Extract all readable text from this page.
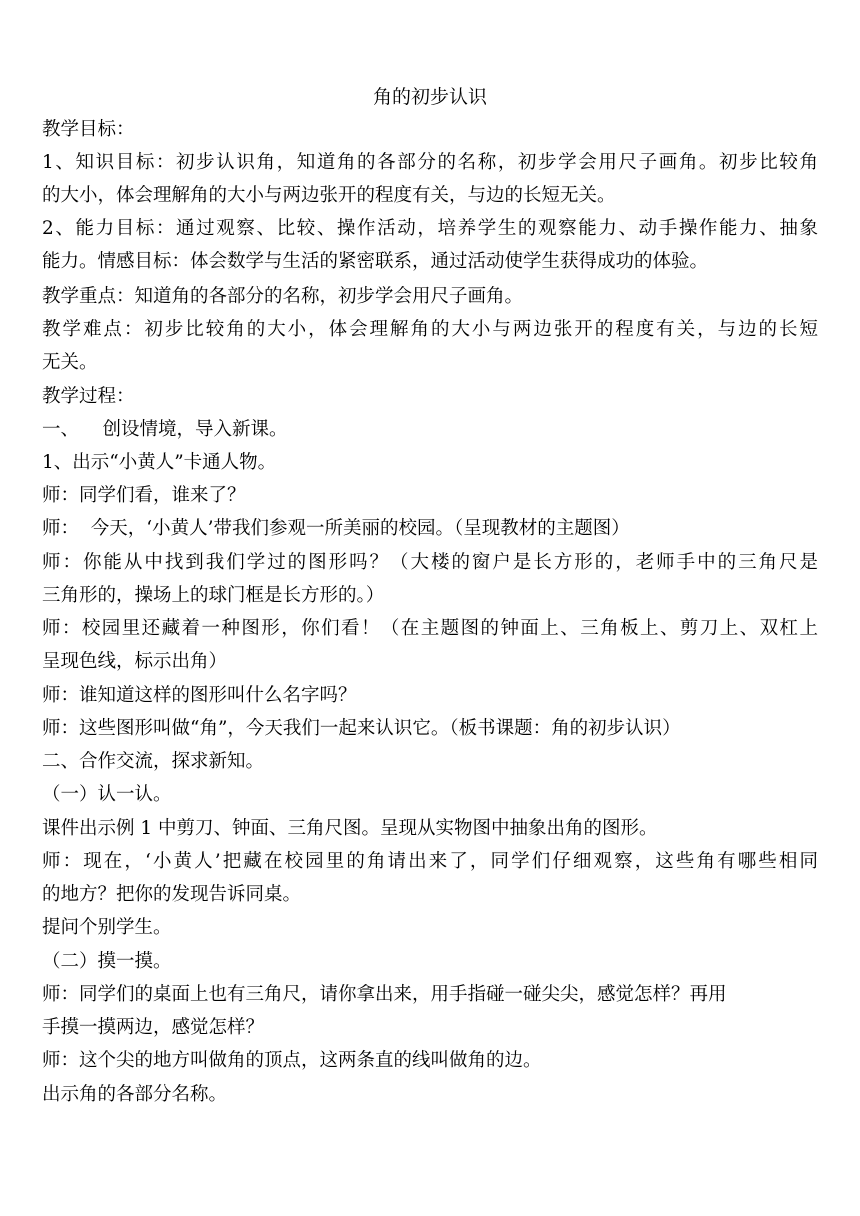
角的初步认识
教学目标：
1、知识目标：初步认识角，知道角的各部分的名称，初步学会用尺子画角。初步比较角
的大小，体会理解角的大小与两边张开的程度有关，与边的长短无关。
2、能力目标：通过观察、比较、操作活动，培养学生的观察能力、动手操作能力、抽象
能力。情感目标：体会数学与生活的紧密联系，通过活动使学生获得成功的体验。
教学重点：知道角的各部分的名称，初步学会用尺子画角。
教学难点：初步比较角的大小，体会理解角的大小与两边张开的程度有关，与边的长短
无关。
教学过程：
一、    创设情境，导入新课。
1、出示“小黄人”卡通人物。
师：同学们看，谁来了？
师：  今天，‘小黄人’带我们参观一所美丽的校园。（呈现教材的主题图）
师：你能从中找到我们学过的图形吗？（大楼的窗户是长方形的，老师手中的三角尺是
三角形的，操场上的球门框是长方形的。）
师：校园里还藏着一种图形，你们看！（在主题图的钟面上、三角板上、剪刀上、双杠上
呈现色线，标示出角）
师：谁知道这样的图形叫什么名字吗？
师：这些图形叫做“角”，今天我们一起来认识它。（板书课题：角的初步认识）
二、合作交流，探求新知。
（一）认一认。
课件出示例 1 中剪刀、钟面、三角尺图。呈现从实物图中抽象出角的图形。
师：现在，‘小黄人’把藏在校园里的角请出来了，同学们仔细观察，这些角有哪些相同
的地方？把你的发现告诉同桌。
提问个别学生。
（二）摸一摸。
师：同学们的桌面上也有三角尺，请你拿出来，用手指碰一碰尖尖，感觉怎样？再用
手摸一摸两边，感觉怎样？
师：这个尖的地方叫做角的顶点，这两条直的线叫做角的边。
出示角的各部分名称。
